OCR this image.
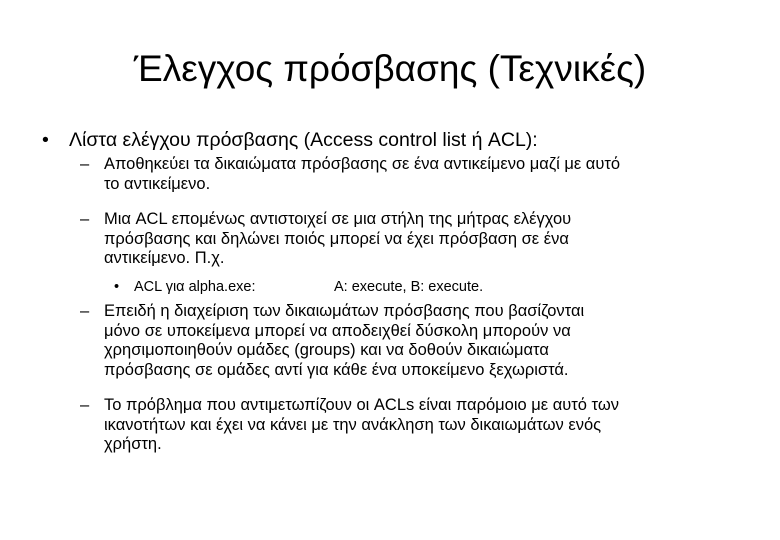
Έλεγχος πρόσβασης (Τεχνικές)
• Λίστα ελέγχου πρόσβασης (Access control list ή ACL):
– Αποθηκεύει τα δικαιώματα πρόσβασης σε ένα αντικείμενο μαζί με αυτό
το αντικείμενο.
– Μια ACL επομένως αντιστοιχεί σε μια στήλη της μήτρας ελέγχου
πρόσβασης και δηλώνει ποιός μπορεί να έχει πρόσβαση σε ένα
αντικείμενο. Π.χ.
• ACL για alpha.exe:	A: execute, B: execute.
– Επειδή η διαχείριση των δικαιωμάτων πρόσβασης που βασίζονται
μόνο σε υποκείμενα μπορεί να αποδειχθεί δύσκολη μπορούν να
χρησιμοποιηθούν ομάδες (groups) και να δοθούν δικαιώματα
πρόσβασης σε ομάδες αντί για κάθε ένα υποκείμενο ξεχωριστά.
– Το πρόβλημα που αντιμετωπίζουν οι ACLs είναι παρόμοιο με αυτό των
ικανοτήτων και έχει να κάνει με την ανάκληση των δικαιωμάτων ενός
χρήστη.
